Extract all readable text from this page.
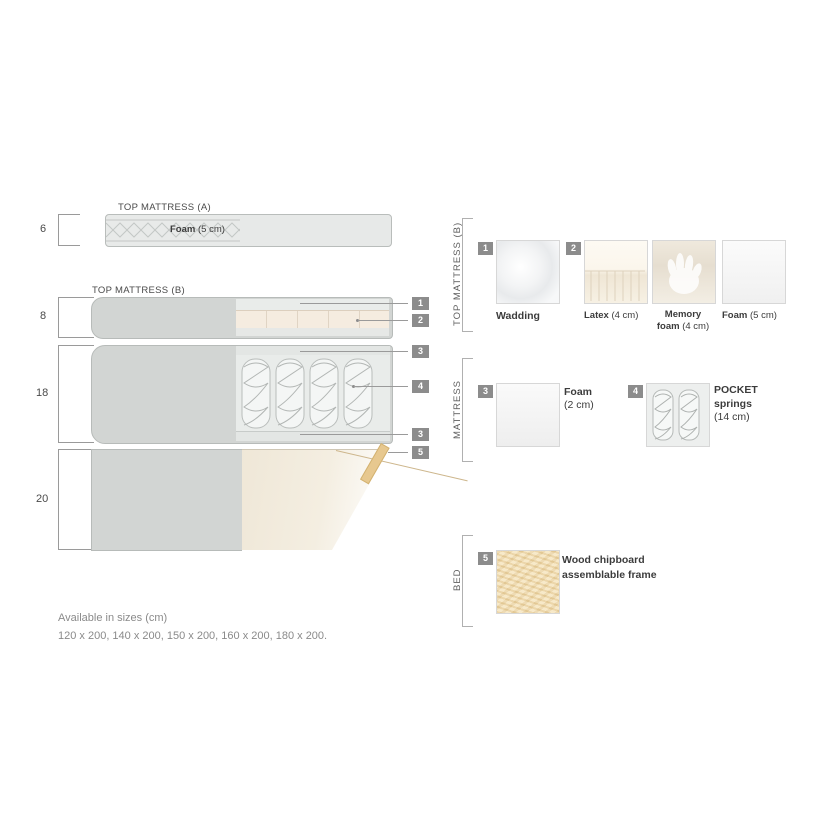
6
8
18
20
TOP MATTRESS (A)
Foam (5 cm)
TOP MATTRESS (B)
1
2
3
4
3
5
Available in sizes (cm)
120 x 200, 140 x 200, 150 x 200, 160 x 200, 180 x 200.
TOP MATTRESS (B)	1
Wadding
2
Latex (4 cm)	Memory
foam (4 cm)
Foam (5 cm)
MATTRESS	3	Foam
(2 cm)
4	POCKET
springs
(14 cm)
BED
5	Wood chipboard
assemblable frame
